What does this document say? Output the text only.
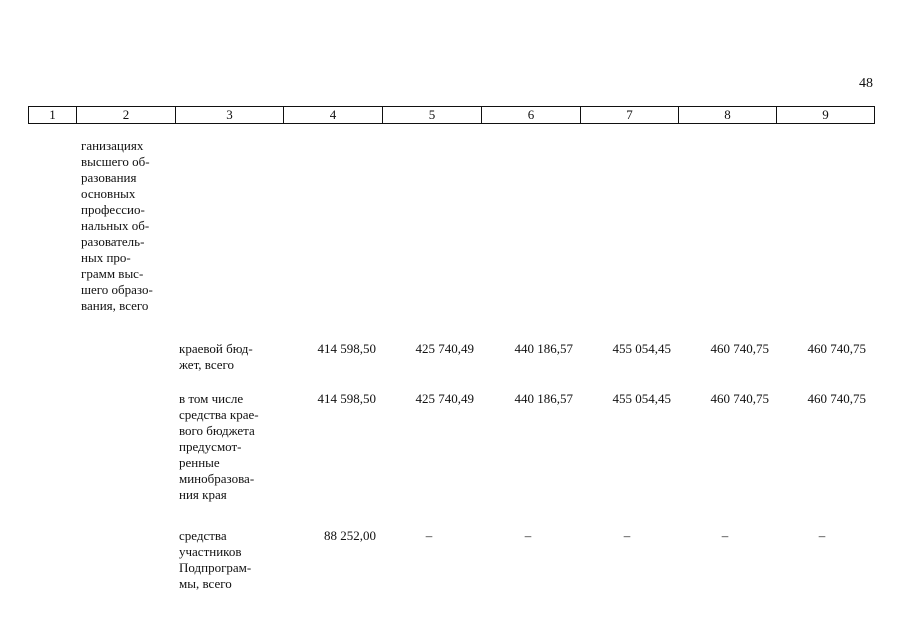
48
1	2	3	4	5	6	7	8	9
ганизациях
высшего об-
разования
основных
профессио-
нальных об-
разователь-
ных про-
грамм выс-
шего образо-
вания, всего
краевой бюд-
жет, всего
414 598,50	425 740,49	440 186,57	455 054,45	460 740,75	460 740,75
в том числе
средства крае-
вого бюджета
предусмот-
ренные
минобразова-
ния края
414 598,50	425 740,49	440 186,57	455 054,45	460 740,75	460 740,75
средства
участников
Подпрограм-
мы, всего
88 252,00	–	–	–	–	–
